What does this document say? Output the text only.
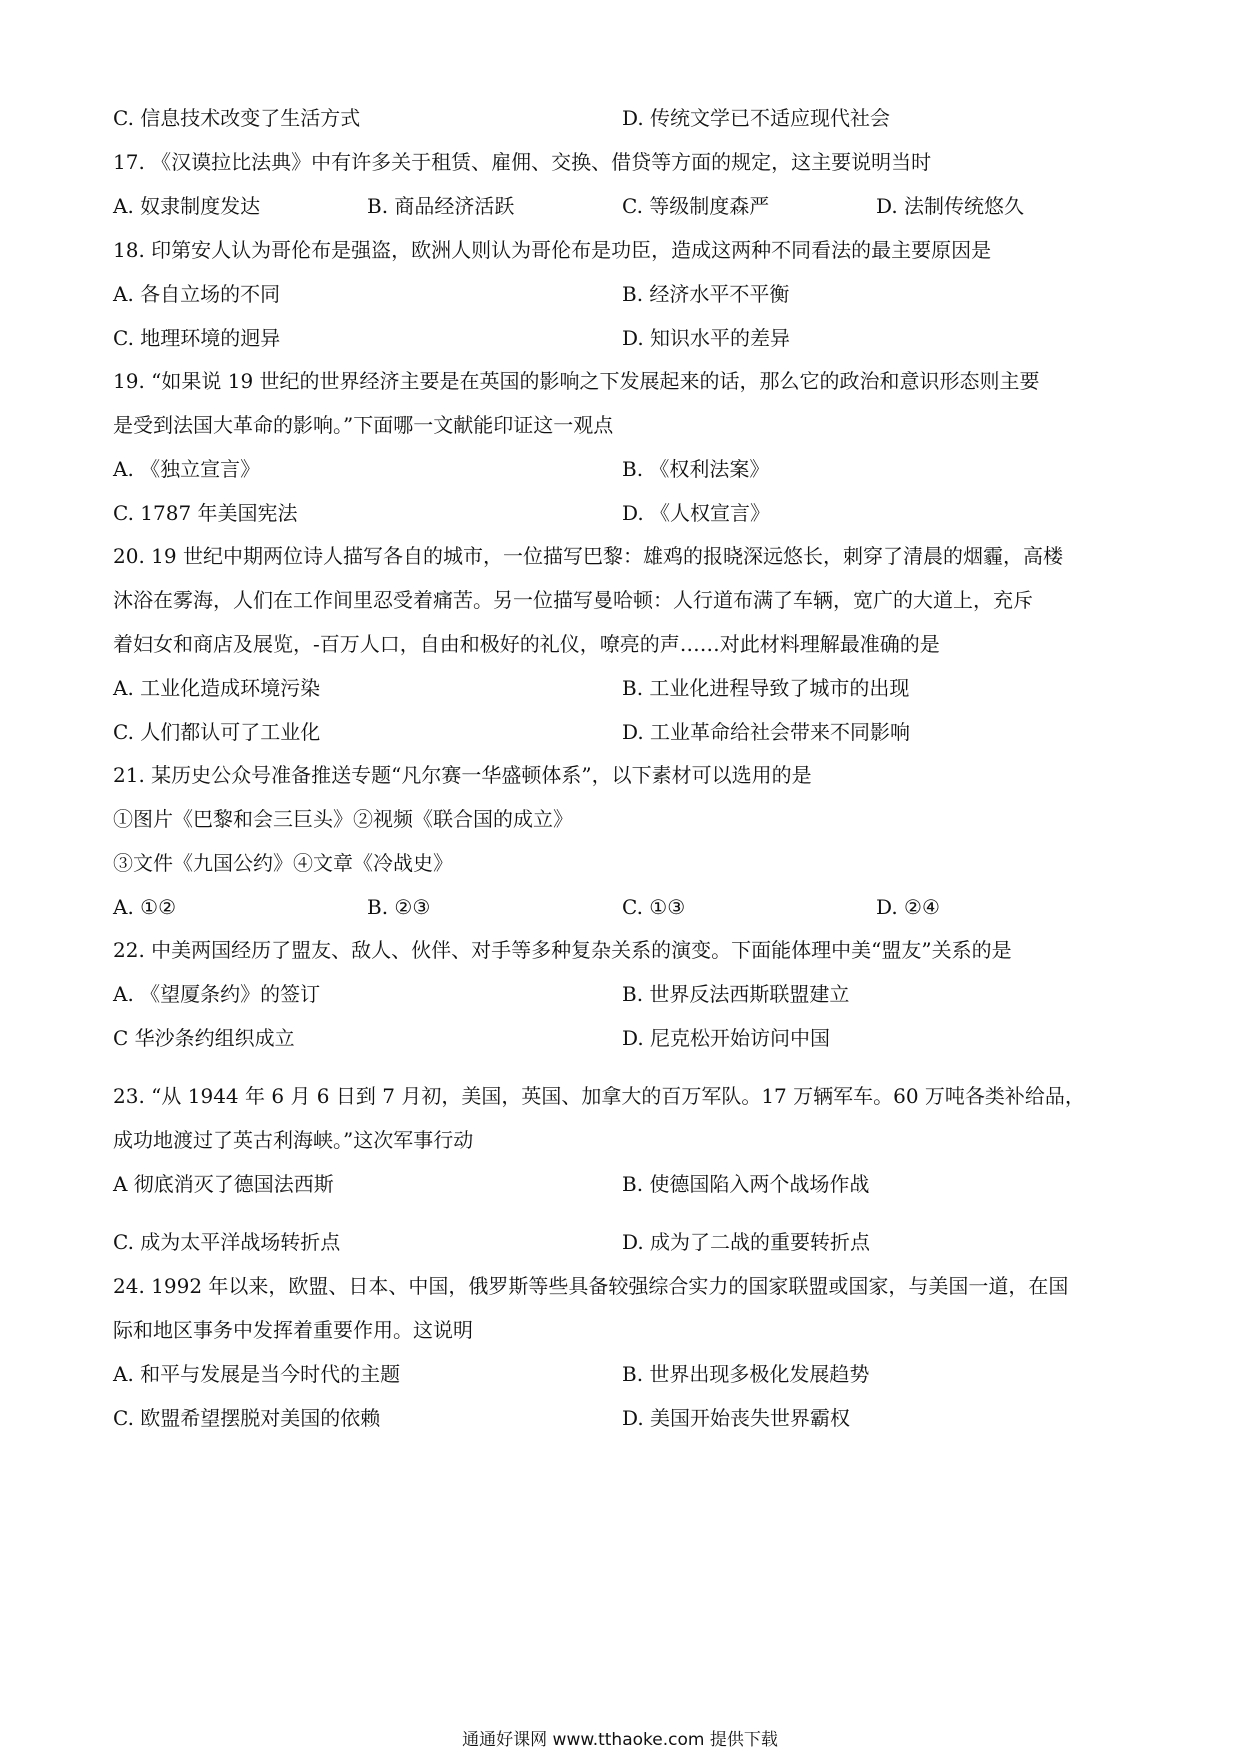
C. 信息技术改变了生活方式	D. 传统文学已不适应现代社会
17. 《汉谟拉比法典》中有许多关于租赁、雇佣、交换、借贷等方面的规定，这主要说明当时
A. 奴隶制度发达	B. 商品经济活跃	C. 等级制度森严	D. 法制传统悠久
18. 印第安人认为哥伦布是强盗，欧洲人则认为哥伦布是功臣，造成这两种不同看法的最主要原因是
A. 各自立场的不同	B. 经济水平不平衡
C. 地理环境的迥异	D. 知识水平的差异
19. “如果说 19 世纪的世界经济主要是在英国的影响之下发展起来的话，那么它的政治和意识形态则主要
是受到法国大革命的影响。”下面哪一文献能印证这一观点
A. 《独立宣言》	B. 《权利法案》
C. 1787 年美国宪法	D. 《人权宣言》
20. 19 世纪中期两位诗人描写各自的城市，一位描写巴黎：雄鸡的报晓深远悠长，刺穿了清晨的烟霾，高楼
沐浴在雾海，人们在工作间里忍受着痛苦。另一位描写曼哈顿：人行道布满了车辆，宽广的大道上，充斥
着妇女和商店及展览，-百万人口，自由和极好的礼仪，嘹亮的声……对此材料理解最准确的是
A. 工业化造成环境污染	B. 工业化进程导致了城市的出现
C. 人们都认可了工业化	D. 工业革命给社会带来不同影响
21. 某历史公众号准备推送专题“凡尔赛一华盛顿体系”，以下素材可以选用的是
①图片《巴黎和会三巨头》②视频《联合国的成立》
③文件《九国公约》④文章《冷战史》
A. ①②	B. ②③	C. ①③	D. ②④
22. 中美两国经历了盟友、敌人、伙伴、对手等多种复杂关系的演变。下面能体理中美“盟友”关系的是
A. 《望厦条约》的签订	B. 世界反法西斯联盟建立
C 华沙条约组织成立	D. 尼克松开始访问中国
23. “从 1944 年 6 月 6 日到 7 月初，美国，英国、加拿大的百万军队。17 万辆军车。60 万吨各类补给品，
成功地渡过了英古利海峡。”这次军事行动
A 彻底消灭了德国法西斯	B. 使德国陷入两个战场作战
C. 成为太平洋战场转折点	D. 成为了二战的重要转折点
24. 1992 年以来，欧盟、日本、中国，俄罗斯等些具备较强综合实力的国家联盟或国家，与美国一道，在国
际和地区事务中发挥着重要作用。这说明
A. 和平与发展是当今时代的主题	B. 世界出现多极化发展趋势
C. 欧盟希望摆脱对美国的依赖	D. 美国开始丧失世界霸权
通通好课网 www.tthaoke.com 提供下载
